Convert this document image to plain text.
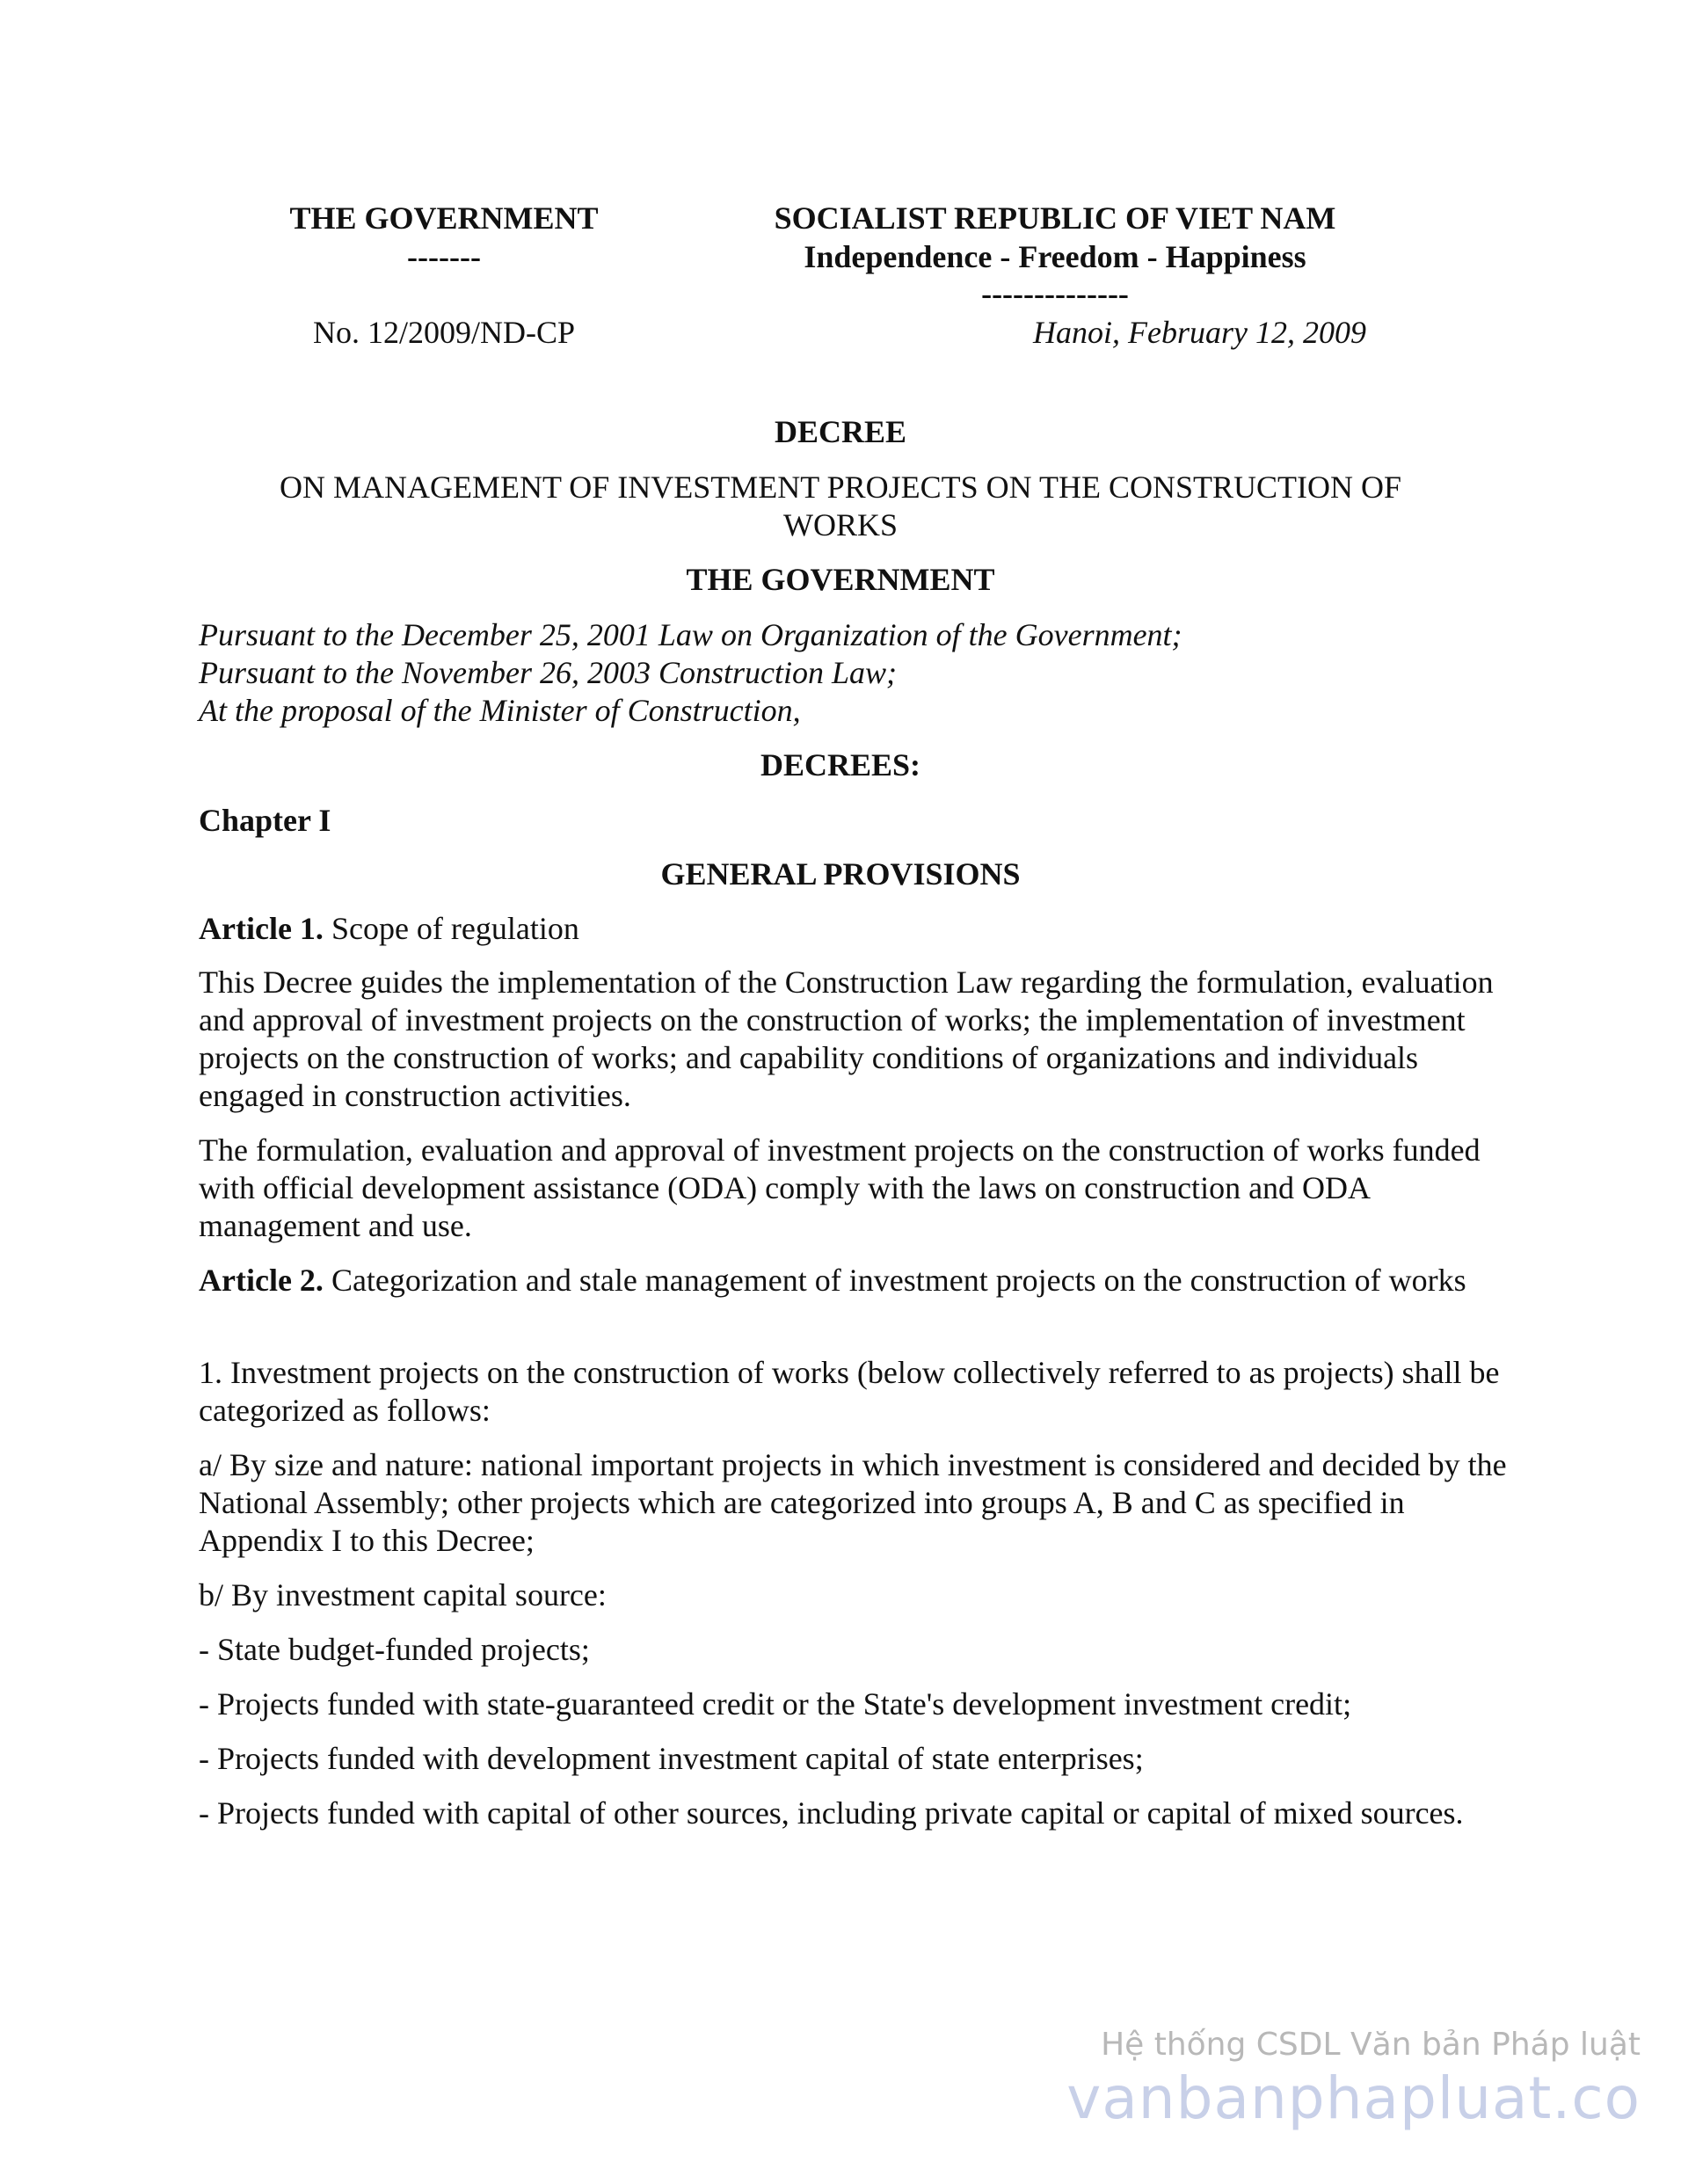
THE GOVERNMENT
-------
SOCIALIST REPUBLIC OF VIET NAM
Independence - Freedom - Happiness
--------------
No. 12/2009/ND-CP	Hanoi, February 12, 2009
DECREE
ON MANAGEMENT OF INVESTMENT PROJECTS ON THE CONSTRUCTION OF
WORKS
THE GOVERNMENT
Pursuant to the December 25, 2001 Law on Organization of the Government;
Pursuant to the November 26, 2003 Construction Law;
At the proposal of the Minister of Construction,
DECREES:
Chapter I
GENERAL PROVISIONS
Article 1. Scope of regulation
This Decree guides the implementation of the Construction Law regarding the formulation, evaluation and approval of investment projects on the construction of works; the implementation of investment projects on the construction of works; and capability conditions of organizations and individuals engaged in construction activities.
The formulation, evaluation and approval of investment projects on the construction of works funded with official development assistance (ODA) comply with the laws on construction and ODA management and use.
Article 2. Categorization and stale management of investment projects on the construction of works
1. Investment projects on the construction of works (below collectively referred to as projects) shall be categorized as follows:
a/ By size and nature: national important projects in which investment is considered and decided by the National Assembly; other projects which are categorized into groups A, B and C as specified in Appendix I to this Decree;
b/ By investment capital source:
- State budget-funded projects;
- Projects funded with state-guaranteed credit or the State's development investment credit;
- Projects funded with development investment capital of state enterprises;
- Projects funded with capital of other sources, including private capital or capital of mixed sources.
Hệ thống CSDL Văn bản Pháp luật
vanbanphapluat.co
